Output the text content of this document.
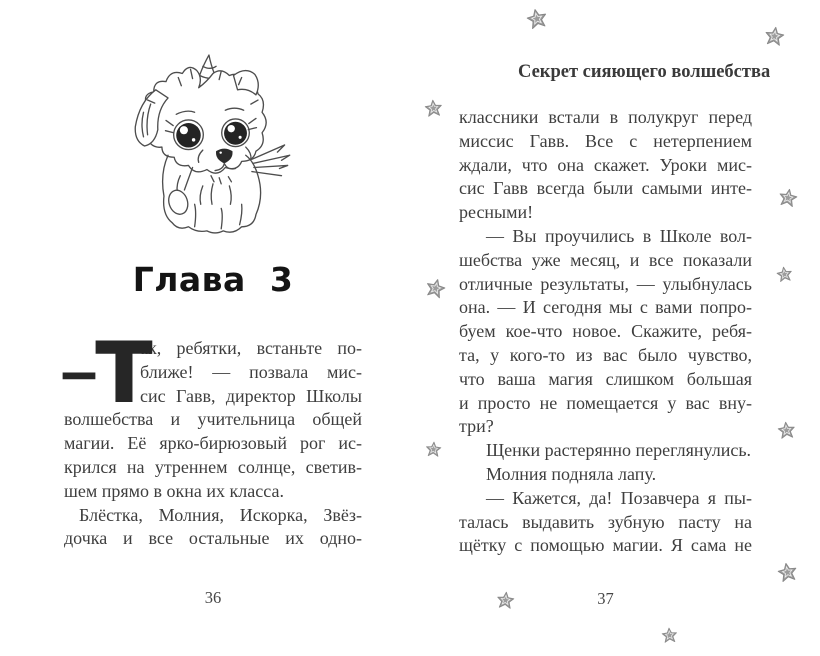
Глава 3
— Т
ак, ребятки, встаньте по-
ближе! — позвала мис-
сис Гавв, директор Школы
волшебства и учительница общей
магии. Её ярко-бирюзовый рог ис-
крился на утреннем солнце, светив-
шем прямо в окна их класса.
Блёстка, Молния, Искорка, Звёз-
дочка и все остальные их одно-
36
Секрет сияющего волшебства
классники встали в полукруг перед
миссис Гавв. Все с нетерпением
ждали, что она скажет. Уроки мис-
сис Гавв всегда были самыми инте-
ресными!
— Вы проучились в Школе вол-
шебства уже месяц, и все показали
отличные результаты, — улыбнулась
она. — И сегодня мы с вами попро-
буем кое-что новое. Скажите, ребя-
та, у кого-то из вас было чувство,
что ваша магия слишком большая
и просто не помещается у вас вну-
три?
Щенки растерянно переглянулись.
Молния подняла лапу.
— Кажется, да! Позавчера я пы-
талась выдавить зубную пасту на
щётку с помощью магии. Я сама не
37
